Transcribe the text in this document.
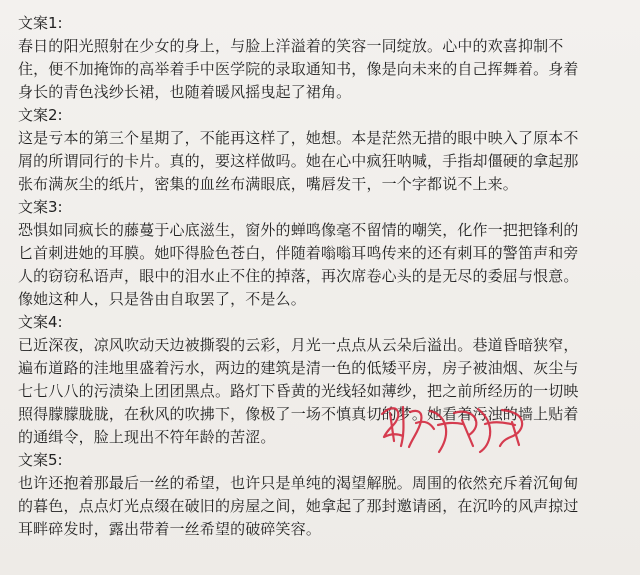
文案1:
春日的阳光照射在少女的身上，与脸上洋溢着的笑容一同绽放。心中的欢喜抑制不
住，便不加掩饰的高举着手中医学院的录取通知书，像是向未来的自己挥舞着。身着
身长的青色浅纱长裙，也随着暖风摇曳起了裙角。
文案2:
这是亏本的第三个星期了，不能再这样了，她想。本是茫然无措的眼中映入了原本不
屑的所谓同行的卡片。真的，要这样做吗。她在心中疯狂呐喊，手指却僵硬的拿起那
张布满灰尘的纸片，密集的血丝布满眼底，嘴唇发干，一个字都说不上来。
文案3:
恐惧如同疯长的藤蔓于心底滋生，窗外的蝉鸣像毫不留情的嘲笑，化作一把把锋利的
匕首刺进她的耳膜。她吓得脸色苍白，伴随着嗡嗡耳鸣传来的还有刺耳的警笛声和旁
人的窃窃私语声，眼中的泪水止不住的掉落，再次席卷心头的是无尽的委屈与恨意。
像她这种人，只是咎由自取罢了，不是么。
文案4:
已近深夜，凉风吹动天边被撕裂的云彩，月光一点点从云朵后溢出。巷道昏暗狭窄，
遍布道路的洼地里盛着污水，两边的建筑是清一色的低矮平房，房子被油烟、灰尘与
七七八八的污渍染上团团黑点。路灯下昏黄的光线轻如薄纱，把之前所经历的一切映
照得朦朦胧胧，在秋风的吹拂下，像极了一场不慎真切的梦。她看着污浊的墙上贴着
的通缉令，脸上现出不符年龄的苦涩。
文案5:
也许还抱着那最后一丝的希望，也许只是单纯的渴望解脱。周围的依然充斥着沉甸甸
的暮色，点点灯光点缀在破旧的房屋之间，她拿起了那封邀请函，在沉吟的风声掠过
耳畔碎发时，露出带着一丝希望的破碎笑容。
